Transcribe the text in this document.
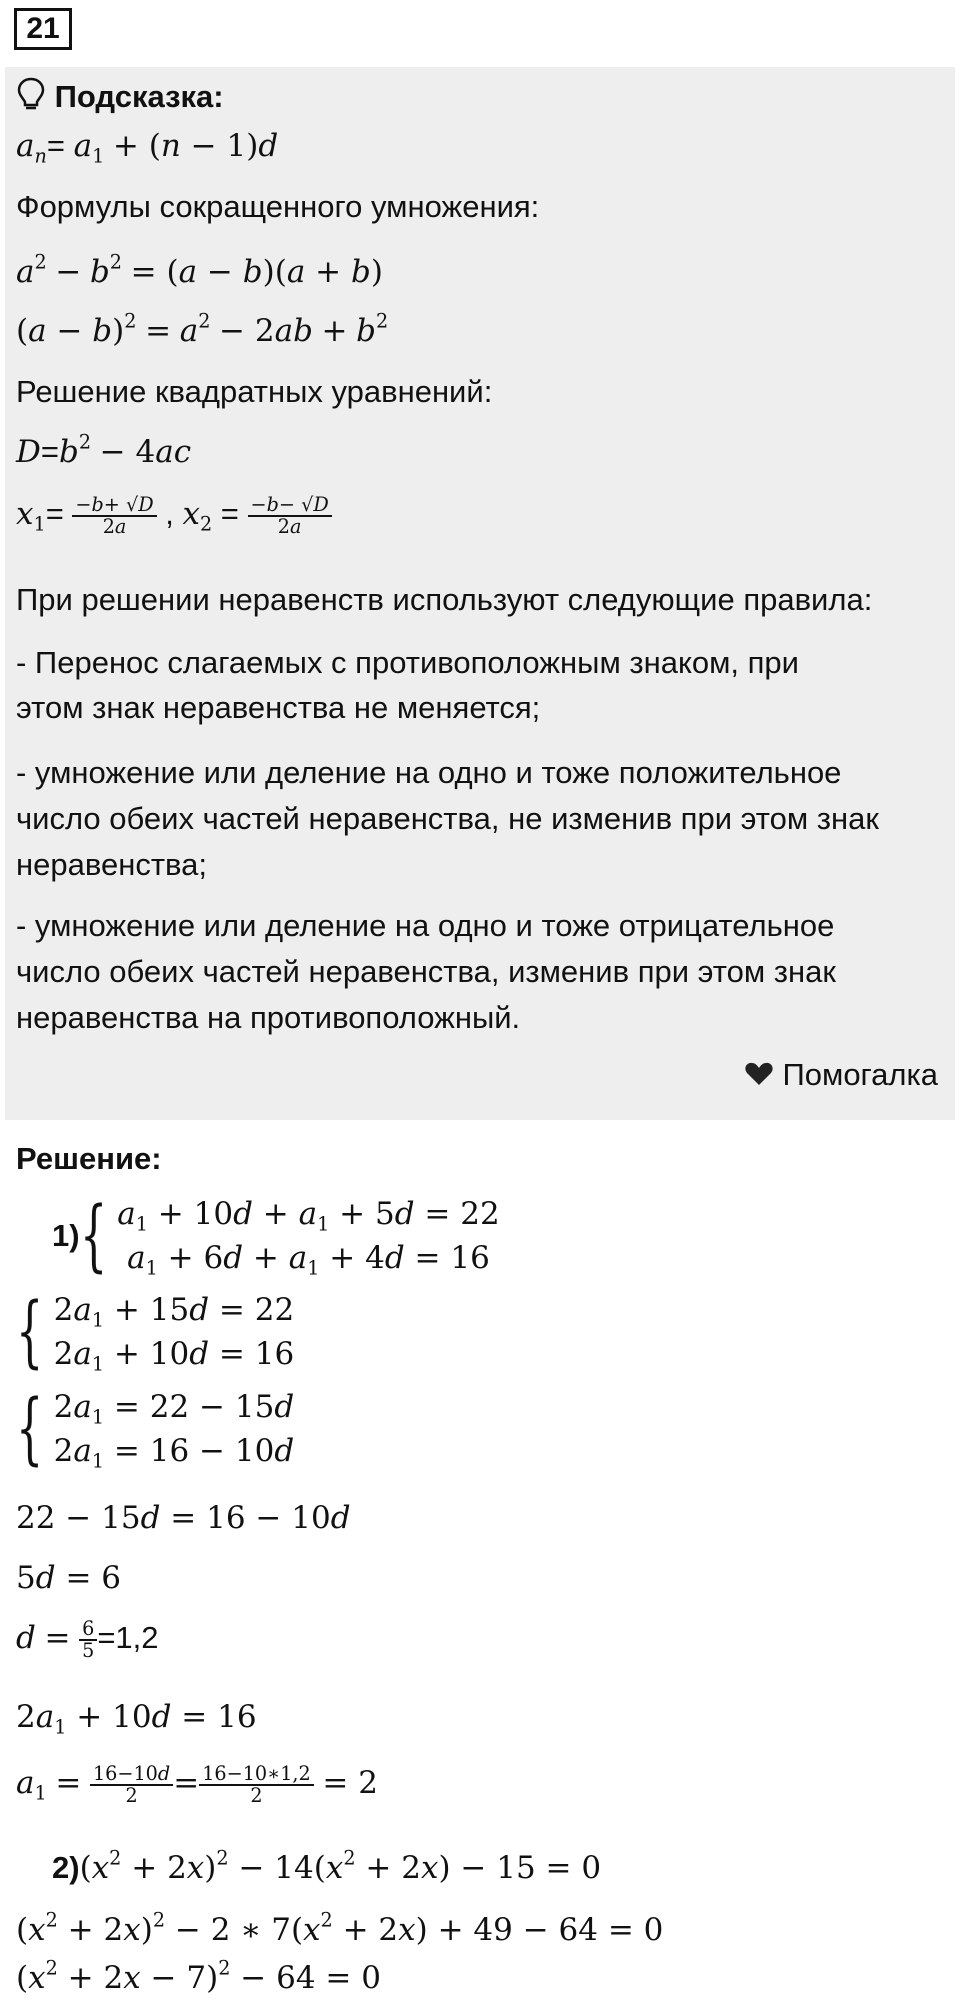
21
Подсказка:
$a_n= a_1 + (n - 1)d$
Формулы сокращенного умножения:
$a^2 - b^2 = (a - b)(a + b)$
$(a - b)^2 = a^2 - 2ab + b^2$
Решение квадратных уравнений:
$D=b^2 - 4ac$
$x_1= \frac{-b+ √D}{2a}$ , $x_2 = \frac{-b- √D}{2a}$
При решении неравенств используют следующие правила:
- Перенос слагаемых с противоположным знаком, при
этом знак неравенства не меняется;
- умножение или деление на одно и тоже положительное
число обеих частей неравенства, не изменив при этом знак
неравенства;
- умножение или деление на одно и тоже отрицательное
число обеих частей неравенства, изменив при этом знак
неравенства на противоположный.
Помогалка
Решение:
1){ $a_1 + 10d + a_1 + 5d = 22$
$a_1 + 6d + a_1 + 4d = 16$
{ $2a_1 + 15d = 22$
$2a_1 + 10d = 16$
{ $2a_1 = 22 - 15d$
$2a_1 = 16 - 10d$
22 − 15d = 16 − 10d
5d = 6
$d = \frac{6}{5} =1,2$
$2a_1 + 10d = 16$
$a_1 = \frac{16-10d}{2} = \frac{16-10∗1,2}{2} = 2$
$2)(x^2 + 2x)^2 - 14(x^2 + 2x) - 15 = 0$
$(x^2 + 2x)^2 - 2$ ∗ $7(x^2 + 2x) + 49 - 64 = 0$
$(x^2 + 2x - 7)^2 - 64 = 0$
